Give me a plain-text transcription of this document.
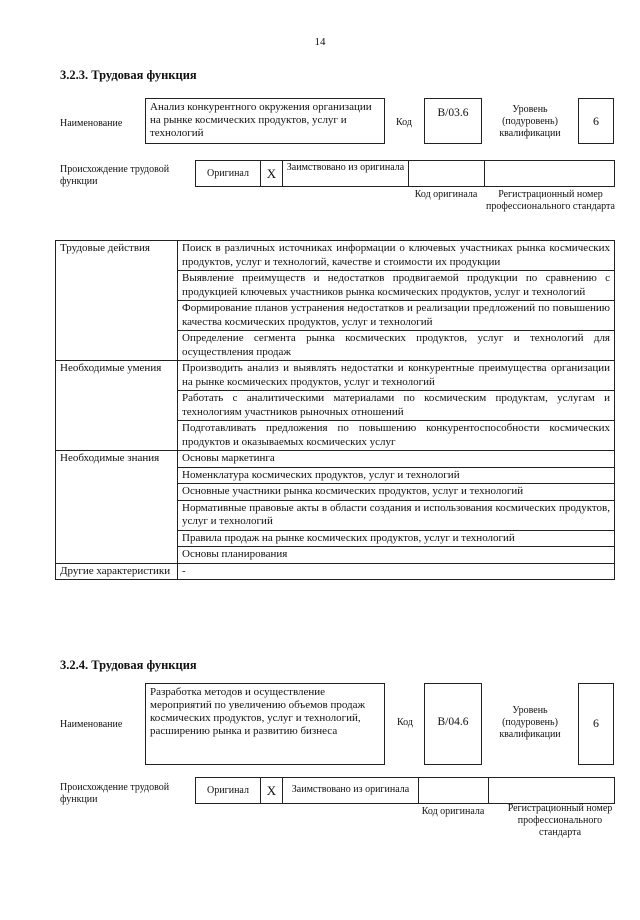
14
3.2.3. Трудовая функция
Наименование
Анализ конкурентного окружения организации на рынке космических продуктов, услуг и технологий
Код
B/03.6	Уровень (подуровень) квалификации
6
Происхождение трудовой функции
Оригинал	X	Заимствовано из оригинала
Код оригинала	Регистрационный номер профессионального стандарта
Трудовые действия	Поиск в различных источниках информации о ключевых участниках рынка космических продуктов, услуг и технологий, качестве и стоимости их продукции
	Выявление преимуществ и недостатков продвигаемой продукции по сравнению с продукцией ключевых участников рынка космических продуктов, услуг и технологий
	Формирование планов устранения недостатков и реализации предложений по повышению качества космических продуктов, услуг и технологий
	Определение сегмента рынка космических продуктов, услуг и технологий для осуществления продаж
Необходимые умения	Производить анализ и выявлять недостатки и конкурентные преимущества организации на рынке космических продуктов, услуг и технологий
	Работать с аналитическими материалами по космическим продуктам, услугам и технологиям участников рыночных отношений
	Подготавливать предложения по повышению конкурентоспособности космических продуктов и оказываемых космических услуг
Необходимые знания	Основы маркетинга
	Номенклатура космических продуктов, услуг и технологий
	Основные участники рынка космических продуктов, услуг и технологий
	Нормативные правовые акты в области создания и использования космических продуктов, услуг и технологий
	Правила продаж на рынке космических продуктов, услуг и технологий
	Основы планирования
Другие характеристики	-
3.2.4. Трудовая функция
Наименование
Разработка методов и осуществление мероприятий по увеличению объемов продаж космических продуктов, услуг и технологий, расширению рынка и развитию бизнеса
Код	B/04.6
Уровень (подуровень) квалификации
6
Происхождение трудовой функции
Оригинал	X	Заимствовано из оригинала
Код оригинала	Регистрационный номер профессионального стандарта
